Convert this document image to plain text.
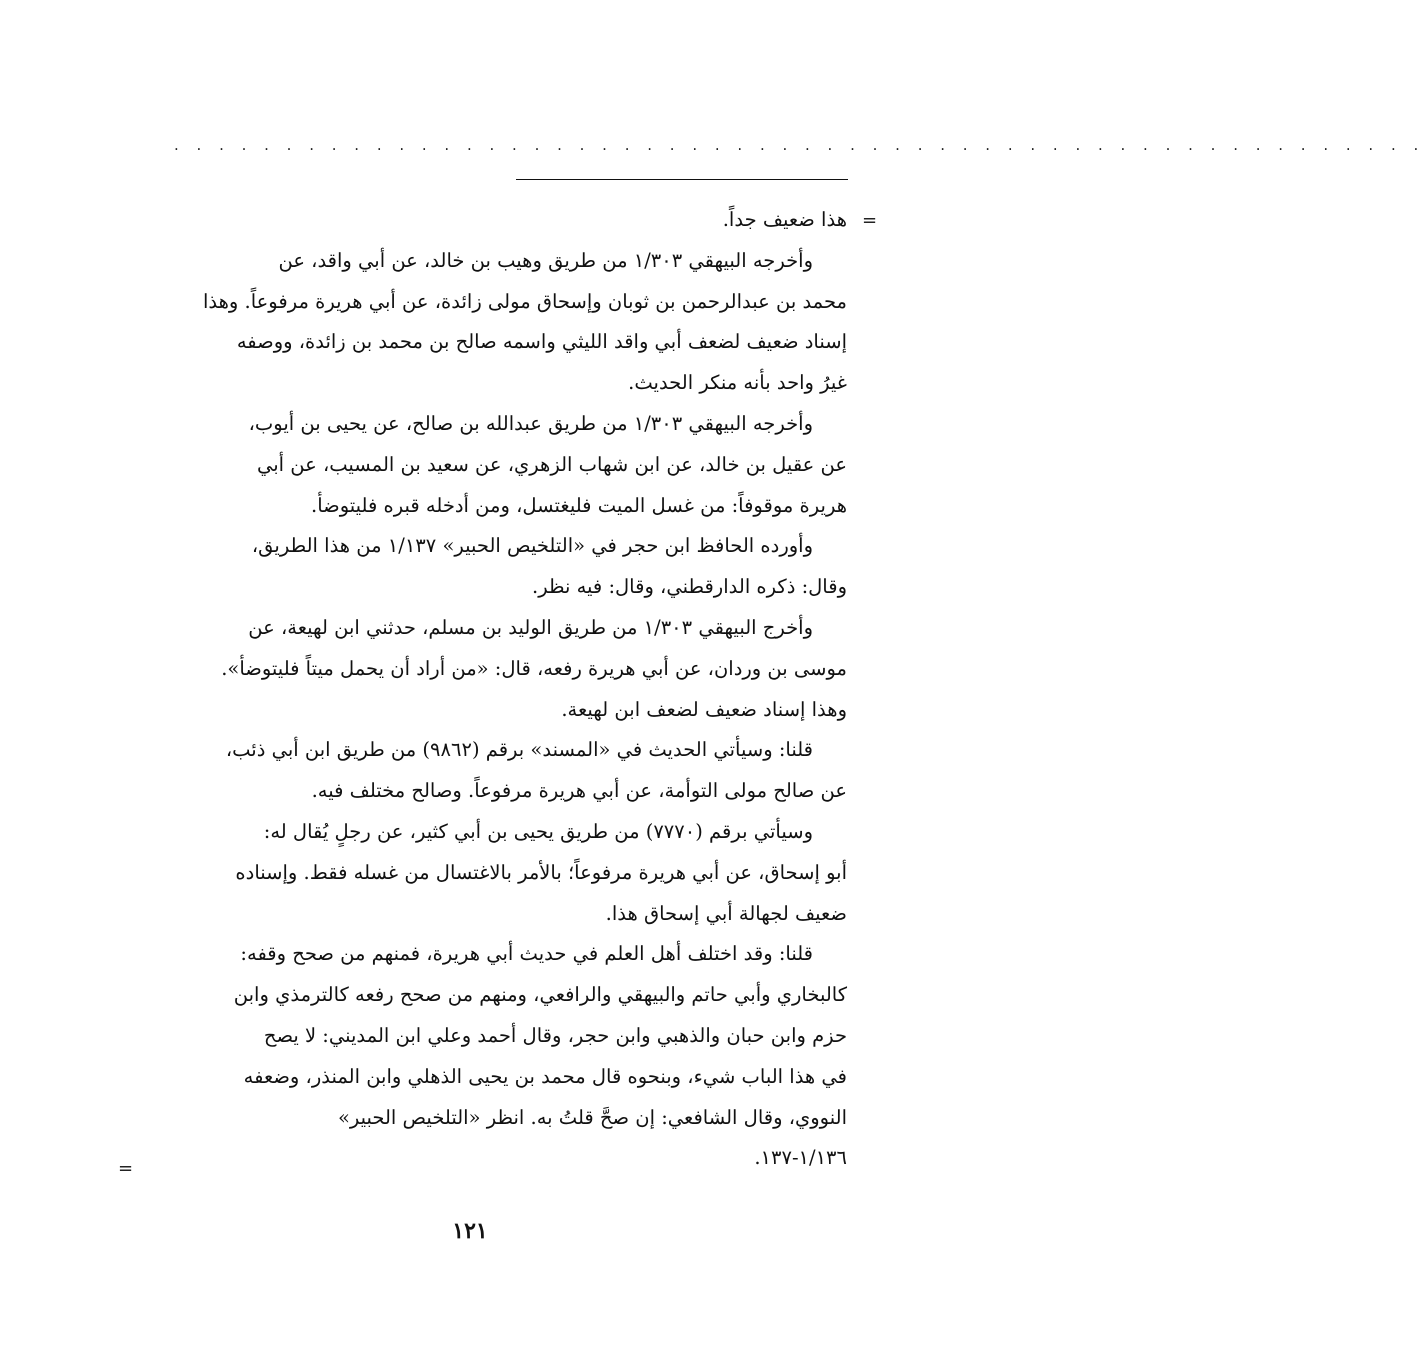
. . . . . . . . . . . . . . . . . . . . . . . . . . . . . . . . . . . . . . . . . . . . . . . . . . . . . . . .
=
هذا ضعيف جداً.
وأخرجه البيهقي ١/٣٠٣ من طريق وهيب بن خالد، عن أبي واقد، عن
محمد بن عبدالرحمن بن ثوبان وإسحاق مولى زائدة، عن أبي هريرة مرفوعاً. وهذا
إسناد ضعيف لضعف أبي واقد الليثي واسمه صالح بن محمد بن زائدة، ووصفه
غيرُ واحد بأنه منكر الحديث.
وأخرجه البيهقي ١/٣٠٣ من طريق عبدالله بن صالح، عن يحيى بن أيوب،
عن عقيل بن خالد، عن ابن شهاب الزهري، عن سعيد بن المسيب، عن أبي
هريرة موقوفاً: من غسل الميت فليغتسل، ومن أدخله قبره فليتوضأ.
وأورده الحافظ ابن حجر في «التلخيص الحبير» ١/١٣٧ من هذا الطريق،
وقال: ذكره الدارقطني، وقال: فيه نظر.
وأخرج البيهقي ١/٣٠٣ من طريق الوليد بن مسلم، حدثني ابن لهيعة، عن
موسى بن وردان، عن أبي هريرة رفعه، قال: «من أراد أن يحمل ميتاً فليتوضأ».
وهذا إسناد ضعيف لضعف ابن لهيعة.
قلنا: وسيأتي الحديث في «المسند» برقم (٩٨٦٢) من طريق ابن أبي ذئب،
عن صالح مولى التوأمة، عن أبي هريرة مرفوعاً. وصالح مختلف فيه.
وسيأتي برقم (٧٧٧٠) من طريق يحيى بن أبي كثير، عن رجلٍ يُقال له:
أبو إسحاق، عن أبي هريرة مرفوعاً؛ بالأمر بالاغتسال من غسله فقط. وإسناده
ضعيف لجهالة أبي إسحاق هذا.
قلنا: وقد اختلف أهل العلم في حديث أبي هريرة، فمنهم من صحح وقفه:
كالبخاري وأبي حاتم والبيهقي والرافعي، ومنهم من صحح رفعه كالترمذي وابن
حزم وابن حبان والذهبي وابن حجر، وقال أحمد وعلي ابن المديني: لا يصح
في هذا الباب شيء، وبنحوه قال محمد بن يحيى الذهلي وابن المنذر، وضعفه
النووي، وقال الشافعي: إن صحَّ قلتُ به. انظر «التلخيص الحبير»
١/١٣٦-١٣٧.
=
١٢١
